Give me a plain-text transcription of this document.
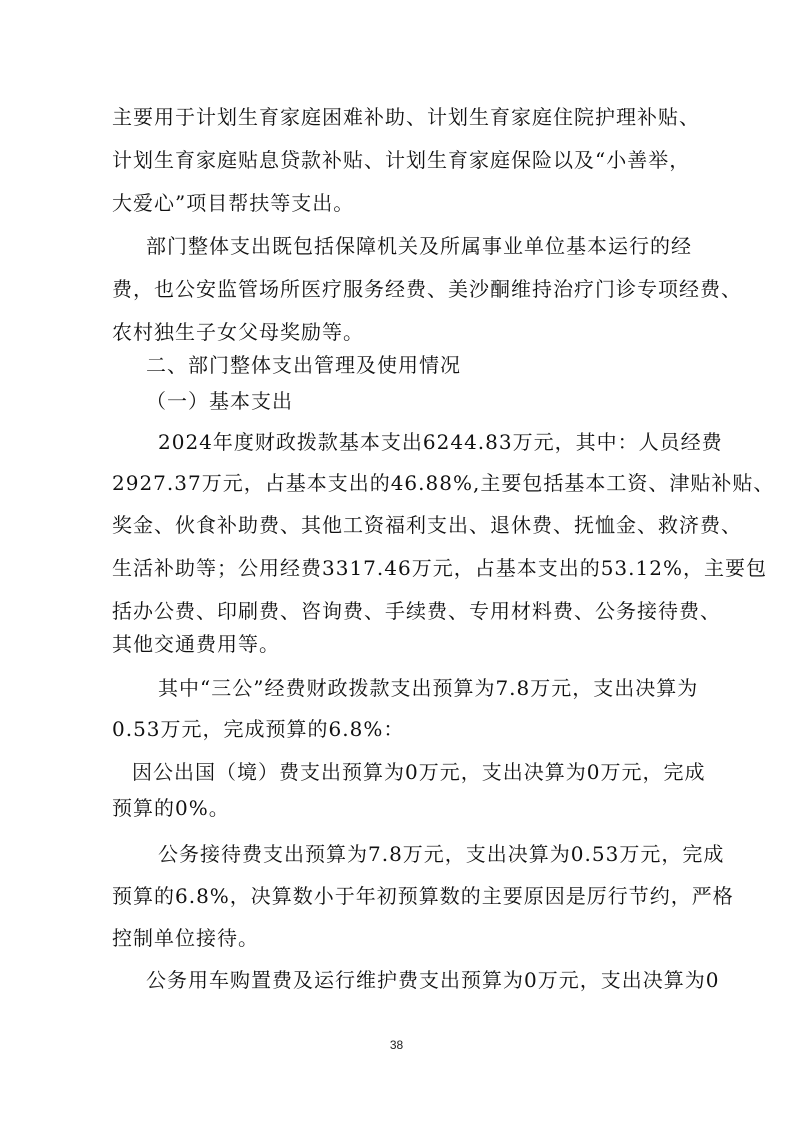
主要用于计划生育家庭困难补助、计划生育家庭住院护理补贴、
计划生育家庭贴息贷款补贴、计划生育家庭保险以及“小善举，
大爱心”项目帮扶等支出。
部门整体支出既包括保障机关及所属事业单位基本运行的经
费，也公安监管场所医疗服务经费、美沙酮维持治疗门诊专项经费、
农村独生子女父母奖励等。
二、部门整体支出管理及使用情况
（一）基本支出
2024年度财政拨款基本支出6244.83万元，其中：人员经费
2927.37万元，占基本支出的46.88%,主要包括基本工资、津贴补贴、
奖金、伙食补助费、其他工资福利支出、退休费、抚恤金、救济费、
生活补助等；公用经费3317.46万元，占基本支出的53.12%，主要包
括办公费、印刷费、咨询费、手续费、专用材料费、公务接待费、
其他交通费用等。
其中“三公”经费财政拨款支出预算为7.8万元，支出决算为
0.53万元，完成预算的6.8%：
因公出国（境）费支出预算为0万元，支出决算为0万元，完成
预算的0%。
公务接待费支出预算为7.8万元，支出决算为0.53万元，完成
预算的6.8%，决算数小于年初预算数的主要原因是厉行节约，严格
控制单位接待。
公务用车购置费及运行维护费支出预算为0万元，支出决算为0
38
